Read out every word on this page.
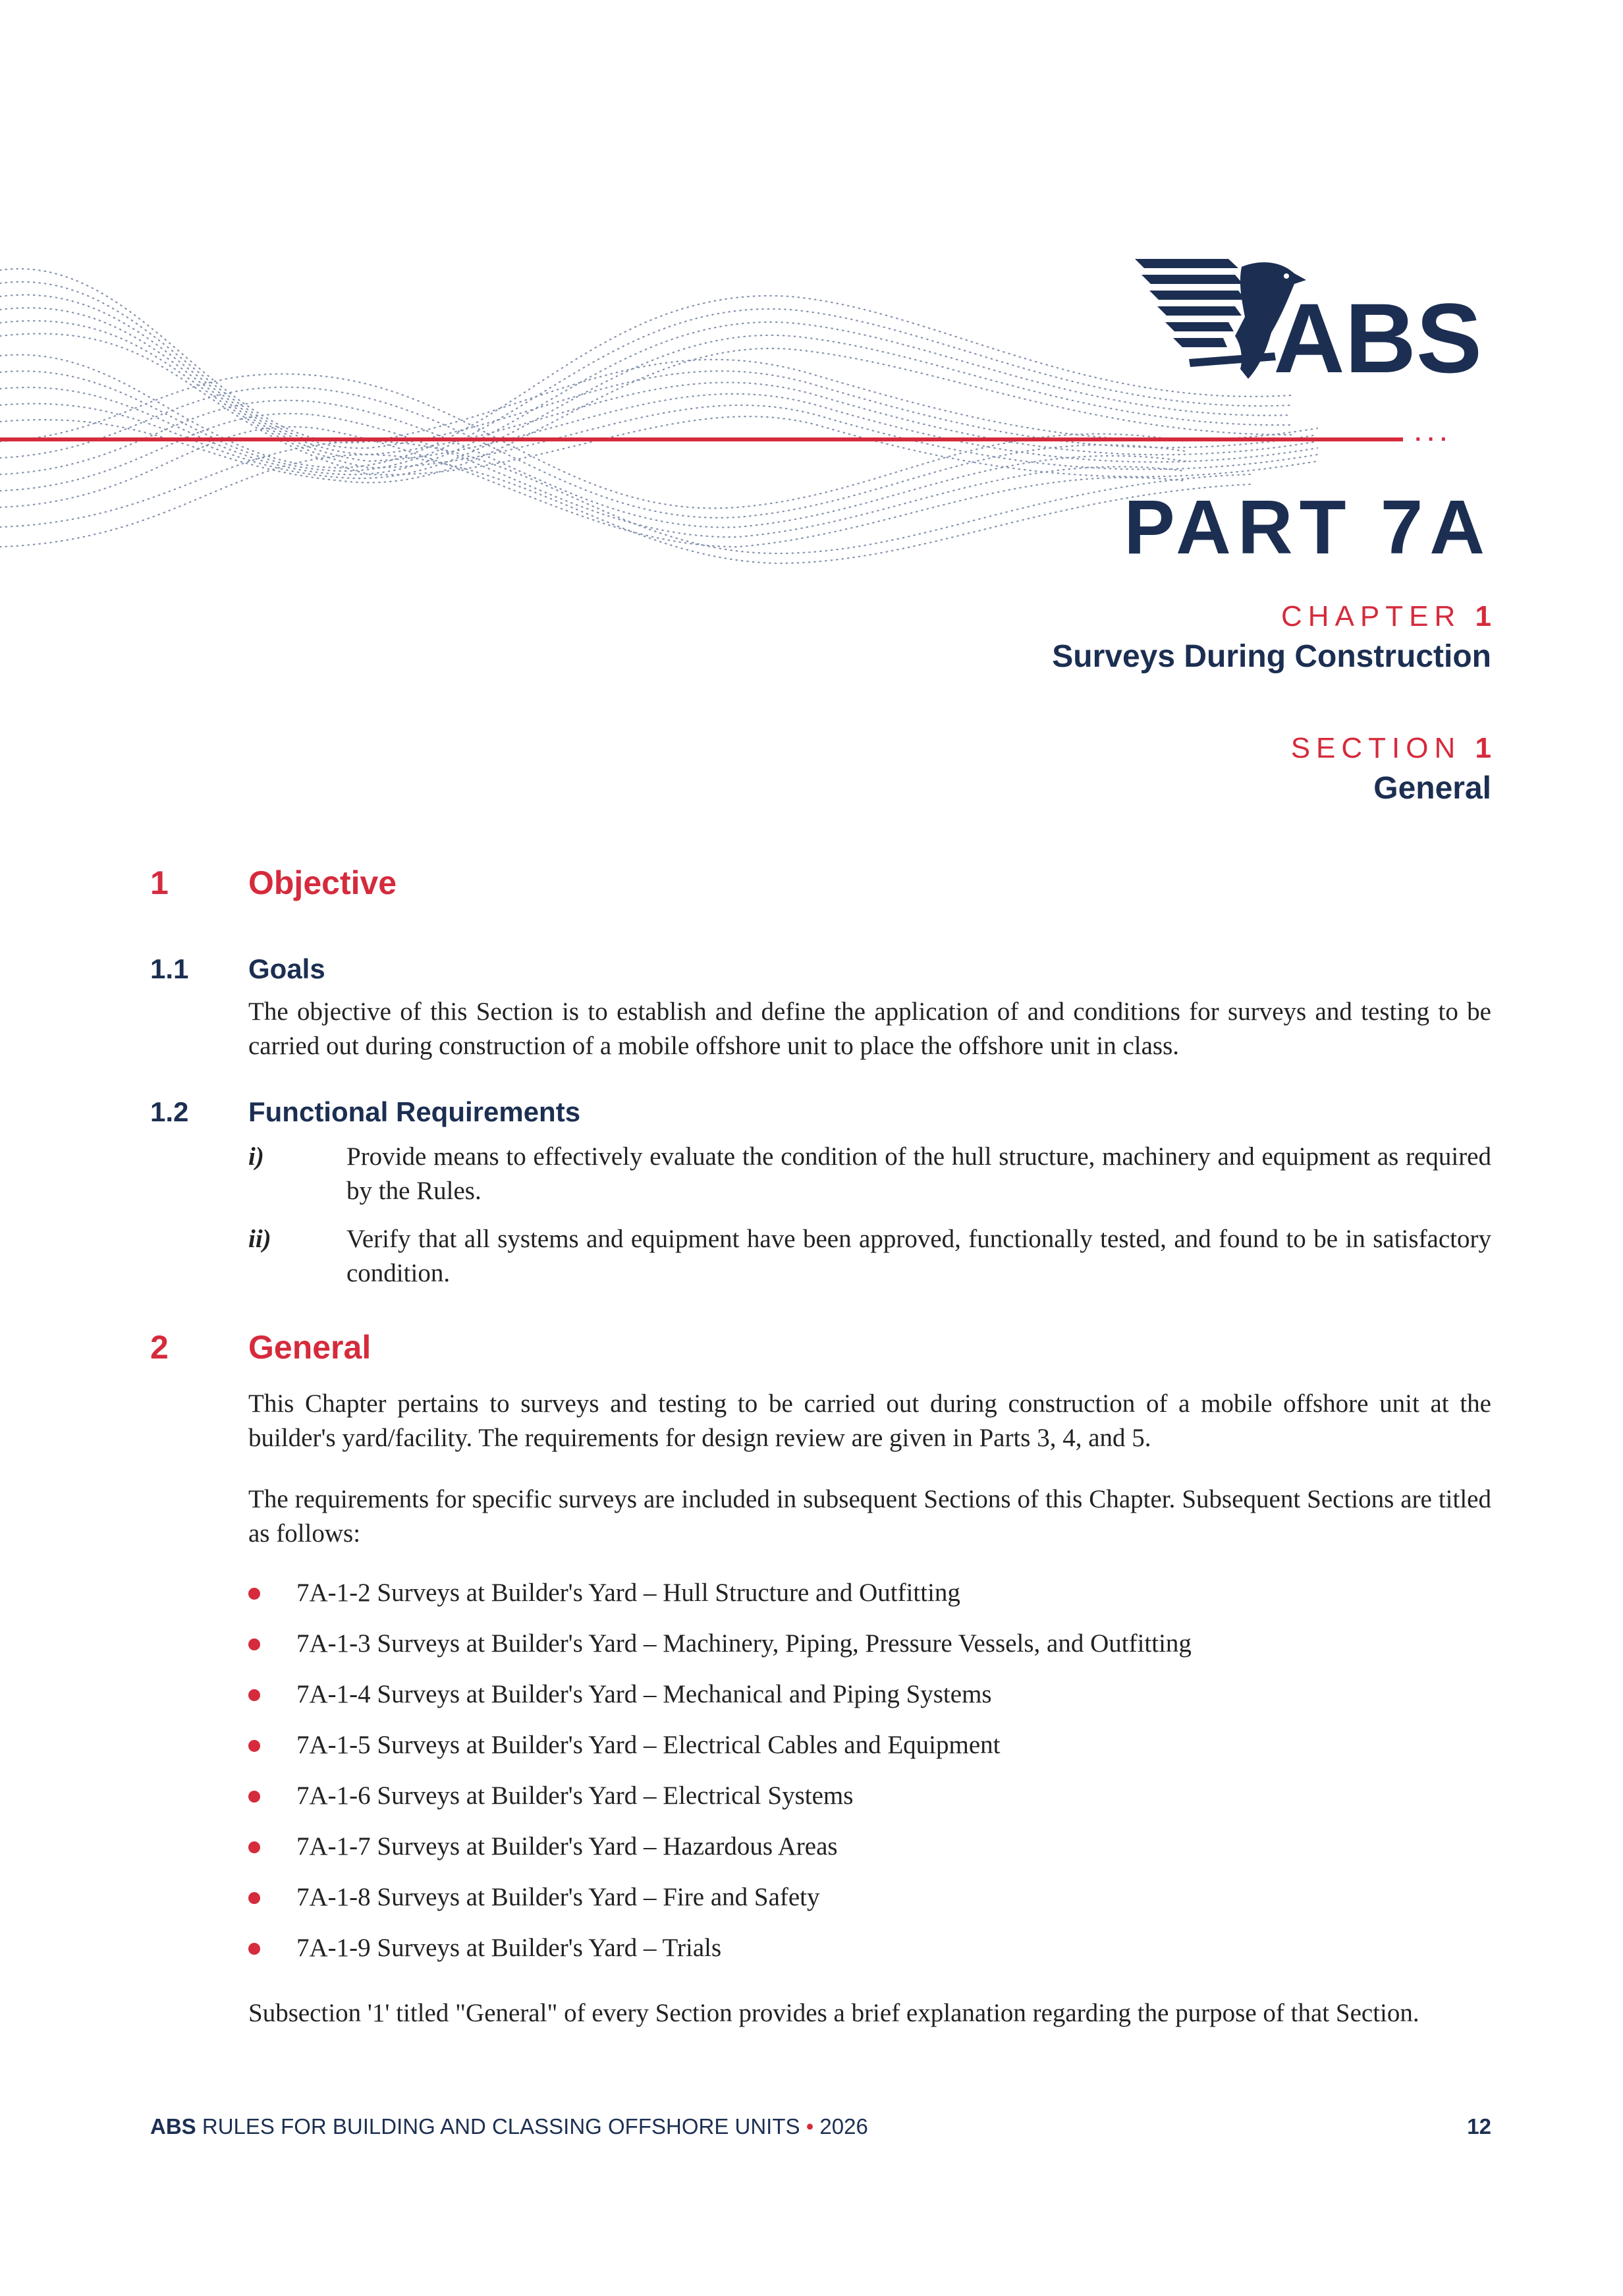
···
ABS
PART 7A
CHAPTER 1
Surveys During Construction
SECTION 1
General
1 Objective
1.1 Goals
The objective of this Section is to establish and define the application of and conditions for surveys and testing to be carried out during construction of a mobile offshore unit to place the offshore unit in class.
1.2 Functional Requirements
i)	Provide means to effectively evaluate the condition of the hull structure, machinery and equipment as required by the Rules.
ii)	Verify that all systems and equipment have been approved, functionally tested, and found to be in satisfactory condition.
2 General
This Chapter pertains to surveys and testing to be carried out during construction of a mobile offshore unit at the builder's yard/facility. The requirements for design review are given in Parts 3, 4, and 5.
The requirements for specific surveys are included in subsequent Sections of this Chapter. Subsequent Sections are titled as follows:
7A-1-2 Surveys at Builder's Yard – Hull Structure and Outfitting
7A-1-3 Surveys at Builder's Yard – Machinery, Piping, Pressure Vessels, and Outfitting
7A-1-4 Surveys at Builder's Yard – Mechanical and Piping Systems
7A-1-5 Surveys at Builder's Yard – Electrical Cables and Equipment
7A-1-6 Surveys at Builder's Yard – Electrical Systems
7A-1-7 Surveys at Builder's Yard – Hazardous Areas
7A-1-8 Surveys at Builder's Yard – Fire and Safety
7A-1-9 Surveys at Builder's Yard – Trials
Subsection '1' titled "General" of every Section provides a brief explanation regarding the purpose of that Section.
ABS RULES FOR BUILDING AND CLASSING OFFSHORE UNITS • 2026	12
